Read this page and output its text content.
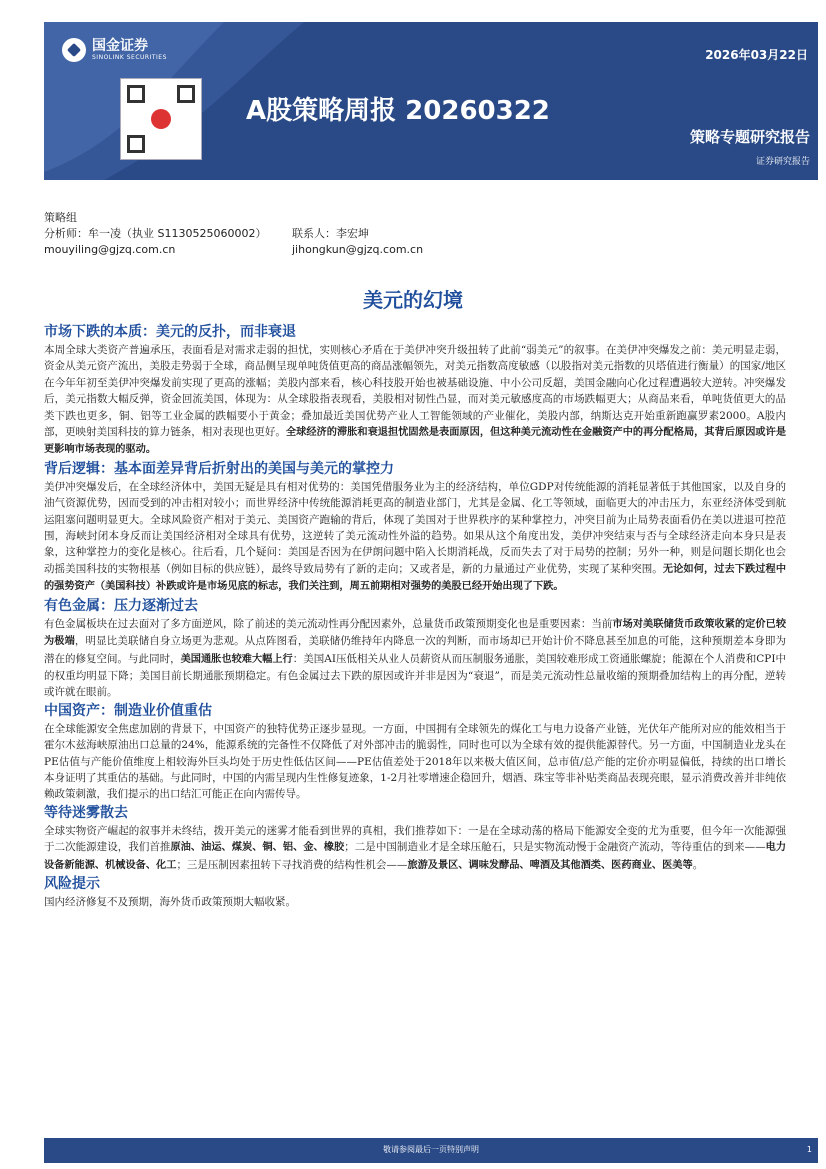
国金证券
SINOLINK SECURITIES	2026年03月22日
A股策略周报 20260322
策略专题研究报告
证券研究报告
策略组
分析师：牟一凌（执业 S1130525060002） 联系人：李宏坤
mouyiling@gjzq.com.cn	jihongkun@gjzq.com.cn
美元的幻境
市场下跌的本质：美元的反扑，而非衰退

本周全球大类资产普遍承压，表面看是对需求走弱的担忧，实则核心矛盾在于美伊冲突升级扭转了此前“弱美元”的叙事。在美伊冲突爆发之前：美元明显走弱，资金从美元资产流出，美股走势弱于全球，商品侧呈现单吨货值更高的商品涨幅领先，对美元指数高度敏感（以股指对美元指数的贝塔值进行衡量）的国家/地区在今年年初至美伊冲突爆发前实现了更高的涨幅；美股内部来看，核心科技股开始也被基础设施、中小公司反超，美国金融向心化过程遭遇较大逆转。冲突爆发后，美元指数大幅反弹，资金回流美国，体现为：从全球股指表现看，美股相对韧性凸显，而对美元敏感度高的市场跌幅更大；从商品来看，单吨货值更大的品类下跌也更多，铜、铝等工业金属的跌幅要小于黄金；叠加最近美国优势产业人工智能领域的产业催化，美股内部，纳斯达克开始重新跑赢罗素2000。A股内部，更映射美国科技的算力链条，相对表现也更好。全球经济的滞胀和衰退担忧固然是表面原因，但这种美元流动性在金融资产中的再分配格局，其背后原因或许是更影响市场表现的驱动。

背后逻辑：基本面差异背后折射出的美国与美元的掌控力

美伊冲突爆发后，在全球经济体中，美国无疑是具有相对优势的：美国凭借服务业为主的经济结构，单位GDP对传统能源的消耗显著低于其他国家，以及自身的油气资源优势，因而受到的冲击相对较小；而世界经济中传统能源消耗更高的制造业部门，尤其是金属、化工等领域，面临更大的冲击压力，东亚经济体受到航运阻塞问题明显更大。全球风险资产相对于美元、美国资产跑输的背后，体现了美国对于世界秩序的某种掌控力，冲突目前为止局势表面看仍在美以进退可控范围，海峡封闭本身反而让美国经济相对全球具有优势，这逆转了美元流动性外溢的趋势。如果从这个角度出发，美伊冲突结束与否与全球经济走向本身只是表象，这种掌控力的变化是核心。往后看，几个疑问：美国是否因为在伊朗问题中陷入长期消耗战，反而失去了对于局势的控制；另外一种，则是问题长期化也会动摇美国科技的实物根基（例如目标的供应链），最终导致局势有了新的走向；又或者是，新的力量通过产业优势，实现了某种突围。无论如何，过去下跌过程中的强势资产（美国科技）补跌或许是市场见底的标志，我们关注到，周五前期相对强势的美股已经开始出现了下跌。

有色金属：压力逐渐过去

有色金属板块在过去面对了多方面逆风，除了前述的美元流动性再分配因素外，总量货币政策预期变化也是重要因素：当前市场对美联储货币政策收紧的定价已较为极端，明显比美联储自身立场更为悲观。从点阵图看，美联储仍维持年内降息一次的判断，而市场却已开始计价不降息甚至加息的可能，这种预期差本身即为潜在的修复空间。与此同时，美国通胀也较难大幅上行：美国AI压低相关从业人员薪资从而压制服务通胀，美国较难形成工资通胀螺旋；能源在个人消费和CPI中的权重均明显下降；美国目前长期通胀预期稳定。有色金属过去下跌的原因或许并非是因为“衰退”，而是美元流动性总量收缩的预期叠加结构上的再分配，逆转或许就在眼前。

中国资产：制造业价值重估

在全球能源安全焦虑加剧的背景下，中国资产的独特优势正逐步显现。一方面，中国拥有全球领先的煤化工与电力设备产业链，光伏年产能所对应的能效相当于霍尔木兹海峡原油出口总量的24%，能源系统的完备性不仅降低了对外部冲击的脆弱性，同时也可以为全球有效的提供能源替代。另一方面，中国制造业龙头在PE估值与产能价值维度上相较海外巨头均处于历史性低估区间——PE估值差处于2018年以来极大值区间，总市值/总产能的定价亦明显偏低，持续的出口增长本身证明了其重估的基础。与此同时，中国的内需呈现内生性修复迹象，1-2月社零增速企稳回升，烟酒、珠宝等非补贴类商品表现亮眼，显示消费改善并非纯依赖政策刺激，我们提示的出口结汇可能正在向内需传导。

等待迷雾散去

全球实物资产崛起的叙事并未终结，拨开美元的迷雾才能看到世界的真相，我们推荐如下：一是在全球动荡的格局下能源安全变的尤为重要，但今年一次能源强于二次能源建设，我们首推原油、油运、煤炭、铜、铝、金、橡胶；二是中国制造业才是全球压舱石，只是实物流动慢于金融资产流动，等待重估的到来——电力设备新能源、机械设备、化工；三是压制因素扭转下寻找消费的结构性机会——旅游及景区、调味发酵品、啤酒及其他酒类、医药商业、医美等。

风险提示

国内经济修复不及预期，海外货币政策预期大幅收紧。

敬请参阅最后一页特别声明	1
